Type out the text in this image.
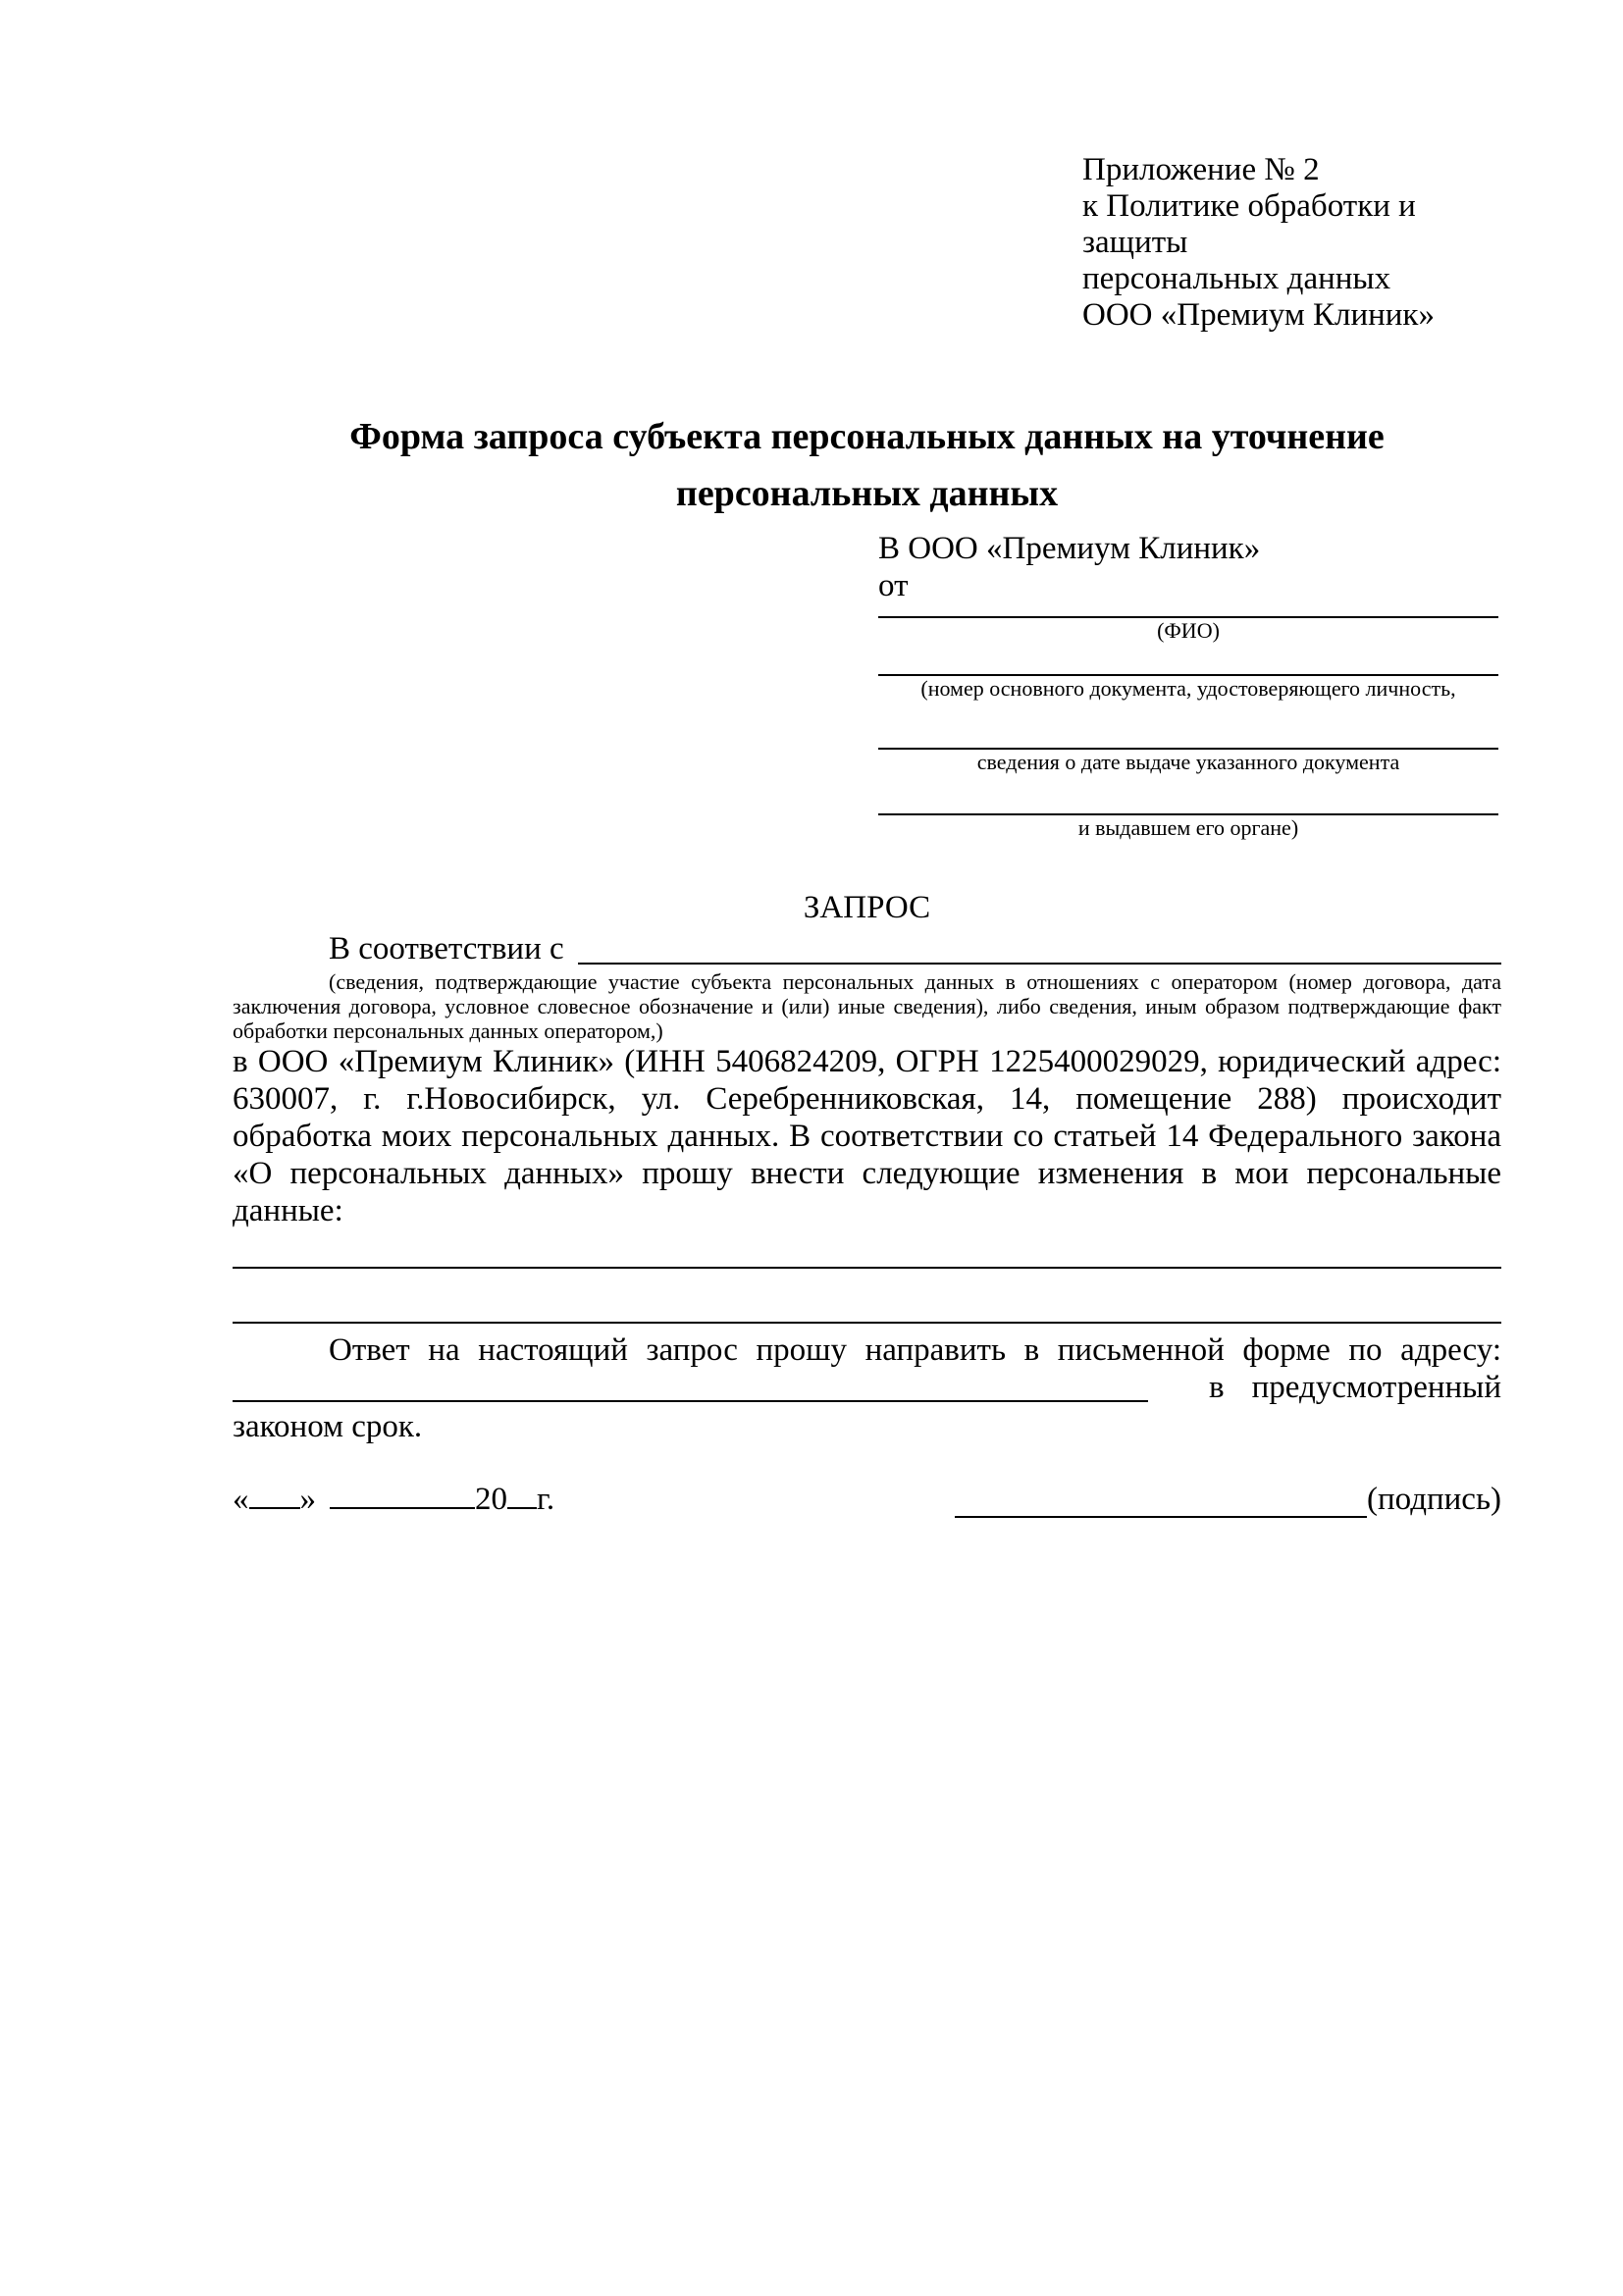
Приложение № 2
к Политике обработки и защиты
персональных данных
ООО «Премиум Клиник»
Форма запроса субъекта персональных данных на уточнение персональных данных
В ООО «Премиум Клиник»
от
(ФИО)
(номер основного документа, удостоверяющего личность,
сведения о дате выдаче указанного документа
и выдавшем его органе)
ЗАПРОС
В соответствии с

(сведения, подтверждающие участие субъекта персональных данных в отношениях с оператором (номер договора, дата заключения договора, условное словесное обозначение и (или) иные сведения), либо сведения, иным образом подтверждающие факт обработки персональных данных оператором,)

в ООО «Премиум Клиник» (ИНН 5406824209, ОГРН 1225400029029, юридический адрес: 630007, г. г.Новосибирск, ул. Серебренниковская, 14, помещение 288) происходит обработка моих персональных данных. В соответствии со статьей 14 Федерального закона «О персональных данных» прошу внести следующие изменения в мои персональные данные:

Ответ на настоящий запрос прошу направить в письменной форме по адресу:
в предусмотренный
законом срок.
« »	20 г.	(подпись)
